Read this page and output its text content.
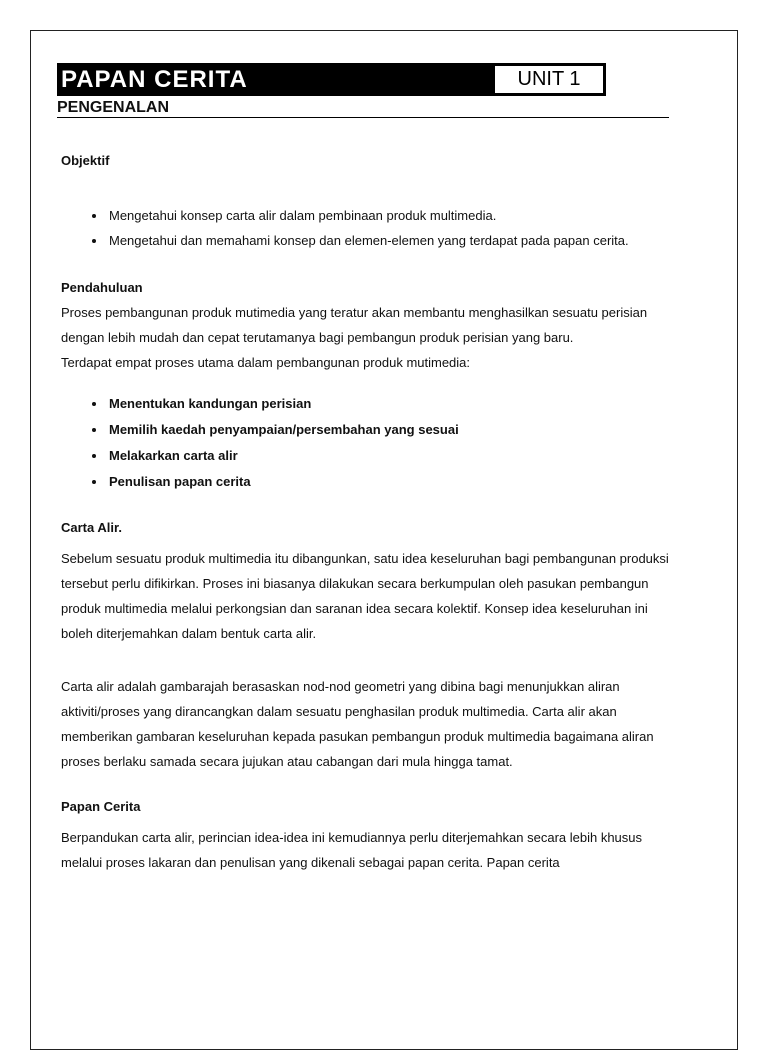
PAPAN CERITA	UNIT 1
PENGENALAN

Objektif

• Mengetahui konsep carta alir dalam pembinaan produk multimedia.
• Mengetahui dan memahami konsep dan elemen-elemen yang terdapat pada papan cerita.

Pendahuluan

Proses pembangunan produk mutimedia yang teratur akan membantu menghasilkan sesuatu perisian dengan lebih mudah dan cepat terutamanya bagi pembangun produk perisian yang baru.

Terdapat empat proses utama dalam pembangunan produk mutimedia:

• Menentukan kandungan perisian
• Memilih kaedah penyampaian/persembahan yang sesuai
• Melakarkan carta alir
• Penulisan papan cerita

Carta Alir.

Sebelum sesuatu produk multimedia itu dibangunkan, satu idea keseluruhan bagi pembangunan produksi tersebut perlu difikirkan. Proses ini biasanya dilakukan secara berkumpulan oleh pasukan pembangun produk multimedia melalui perkongsian dan saranan idea secara kolektif. Konsep idea keseluruhan ini boleh diterjemahkan dalam bentuk carta alir.

Carta alir adalah gambarajah berasaskan nod-nod geometri yang dibina bagi menunjukkan aliran aktiviti/proses yang dirancangkan dalam sesuatu penghasilan produk multimedia. Carta alir akan memberikan gambaran keseluruhan kepada pasukan pembangun produk multimedia bagaimana aliran proses berlaku samada secara jujukan atau cabangan dari mula hingga tamat.

Papan Cerita

Berpandukan carta alir, perincian idea-idea ini kemudiannya perlu diterjemahkan secara lebih khusus melalui proses lakaran dan penulisan yang dikenali sebagai papan cerita. Papan cerita
